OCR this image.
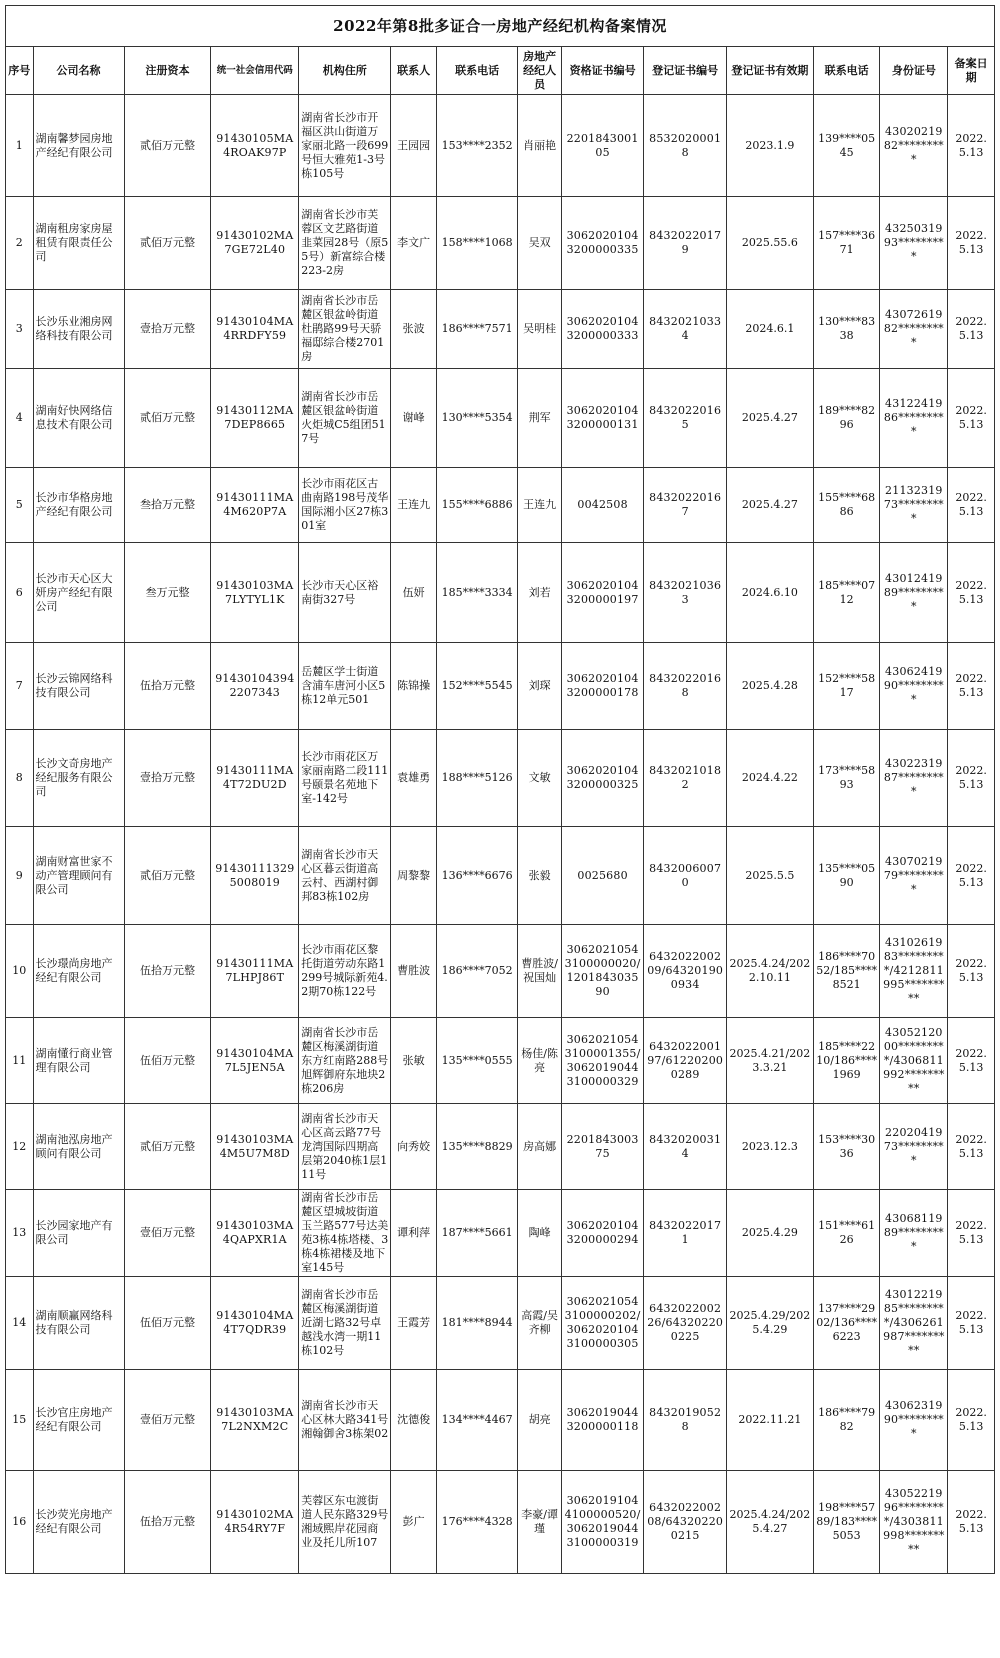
2022年第8批多证合一房地产经纪机构备案情况													
序号	公司名称	注册资本	统一社会信用代码	机构住所	联系人	联系电话	房地产经纪人员	资格证书编号	登记证书编号	登记证书有效期	联系电话	身份证号	备案日期
1	湖南馨梦园房地产经纪有限公司	贰佰万元整	91430105MA4ROAK97P	湖南省长沙市开福区洪山街道万家丽北路一段699号恒大雅苑1-3号栋105号	王园园	153****2352	肖丽艳	220184300105	85320200018	2023.1.9	139****0545	4302021982*********	2022.5.13
2	湖南租房家房屋租赁有限责任公司	贰佰万元整	91430102MA7GE72L40	湖南省长沙市芙蓉区文艺路街道韭菜园28号（原55号）新富综合楼223-2房	李文广	158****1068	吴双	30620201043200000335	84320220179	2025.55.6	157****3671	4325031993*********	2022.5.13
3	长沙乐业湘房网络科技有限公司	壹拾万元整	91430104MA4RRDFY59	湖南省长沙市岳麓区银盆岭街道杜鹃路99号天骄福邸综合楼2701房	张波	186****7571	吴明桂	30620201043200000333	84320210334	2024.6.1	130****8338	4307261982*********	2022.5.13
4	湖南好快网络信息技术有限公司	贰佰万元整	91430112MA7DEP8665	湖南省长沙市岳麓区银盆岭街道火炬城C5组团517号	谢峰	130****5354	荆军	30620201043200000131	84320220165	2025.4.27	189****8296	4312241986*********	2022.5.13
5	长沙市华格房地产经纪有限公司	叁拾万元整	91430111MA4M620P7A	长沙市雨花区古曲南路198号茂华国际湘小区27栋301室	王连九	155****6886	王连九	0042508	84320220167	2025.4.27	155****6886	2113231973*********	2022.5.13
6	长沙市天心区大妍房产经纪有限公司	叁万元整	91430103MA7LYTYL1K	长沙市天心区裕南街327号	伍妍	185****3334	刘若	30620201043200000197	84320210363	2024.6.10	185****0712	4301241989*********	2022.5.13
7	长沙云锦网络科技有限公司	伍拾万元整	914301043942207343	岳麓区学士街道含浦车唐河小区5栋12单元501	陈锦操	152****5545	刘琛	30620201043200000178	84320220168	2025.4.28	152****5817	4306241990*********	2022.5.13
8	长沙文奇房地产经纪服务有限公司	壹拾万元整	91430111MA4T72DU2D	长沙市雨花区万家丽南路二段111号颐景名苑地下室-142号	袁雄勇	188****5126	文敏	30620201043200000325	84320210182	2024.4.22	173****5893	4302231987*********	2022.5.13
9	湖南财富世家不动产管理顾问有限公司	贰佰万元整	914301113295008019	湖南省长沙市天心区暮云街道高云村、西湖村御邦83栋102房	周黎黎	136****6676	张毅	0025680	84320060070	2025.5.5	135****0590	4307021979*********	2022.5.13
10	长沙璟尚房地产经纪有限公司	伍拾万元整	91430111MA7LHPJ86T	长沙市雨花区黎托街道劳动东路1299号城际新苑4.2期70栋122号	曹胜波	186****7052	曹胜波/祝国灿	30620210543100000020/120184303590	643202200209/643201900934	2025.4.24/2022.10.11	186****7052/185****8521	4310261983*********/4212811995*********	2022.5.13
11	湖南懂行商业管理有限公司	伍佰万元整	91430104MA7L5JEN5A	湖南省长沙市岳麓区梅溪湖街道东方红南路288号旭辉御府东地块2栋206房	张敏	135****0555	杨佳/陈亮	30620210543100001355/30620190443100000329	643202200197/612202000289	2025.4.21/2023.3.21	185****2210/186****1969	4305212000*********/4306811992*********	2022.5.13
12	湖南池泓房地产顾问有限公司	贰佰万元整	91430103MA4M5U7M8D	湖南省长沙市天心区高云路77号龙湾国际四期高层第2040栋1层111号	向秀姣	135****8829	房高娜	220184300375	84320200314	2023.12.3	153****3036	2202041973*********	2022.5.13
13	长沙园家地产有限公司	壹佰万元整	91430103MA4QAPXR1A	湖南省长沙市岳麓区望城坡街道玉兰路577号达美苑3栋4栋塔楼、3栋4栋裙楼及地下室145号	谭利萍	187****5661	陶峰	30620201043200000294	84320220171	2025.4.29	151****6126	4306811989*********	2022.5.13
14	湖南顺赢网络科技有限公司	伍佰万元整	91430104MA4T7QDR39	湖南省长沙市岳麓区梅溪湖街道近湖七路32号卓越浅水湾一期11栋102号	王霞芳	181****8944	高霞/吴齐柳	30620210543100000202/30620201043100000305	643202200226/643202200225	2025.4.29/2025.4.29	137****2902/136****6223	4301221985*********/4306261987*********	2022.5.13
15	长沙官庄房地产经纪有限公司	壹佰万元整	91430103MA7L2NXM2C	湖南省长沙市天心区林大路341号湘翰御舍3栋架02	沈德俊	134****4467	胡亮	30620190443200000118	84320190528	2022.11.21	186****7982	4306231990*********	2022.5.13
16	长沙荧光房地产经纪有限公司	伍拾万元整	91430102MA4R54RY7F	芙蓉区东屯渡街道人民东路329号湘域熙岸花园商业及托儿所107	彭广	176****4328	李豪/谭瑾	30620191044100000520/30620190443100000319	643202200208/643202200215	2025.4.24/2025.4.27	198****5789/183****5053	4305221996*********/4303811998*********	2022.5.13
